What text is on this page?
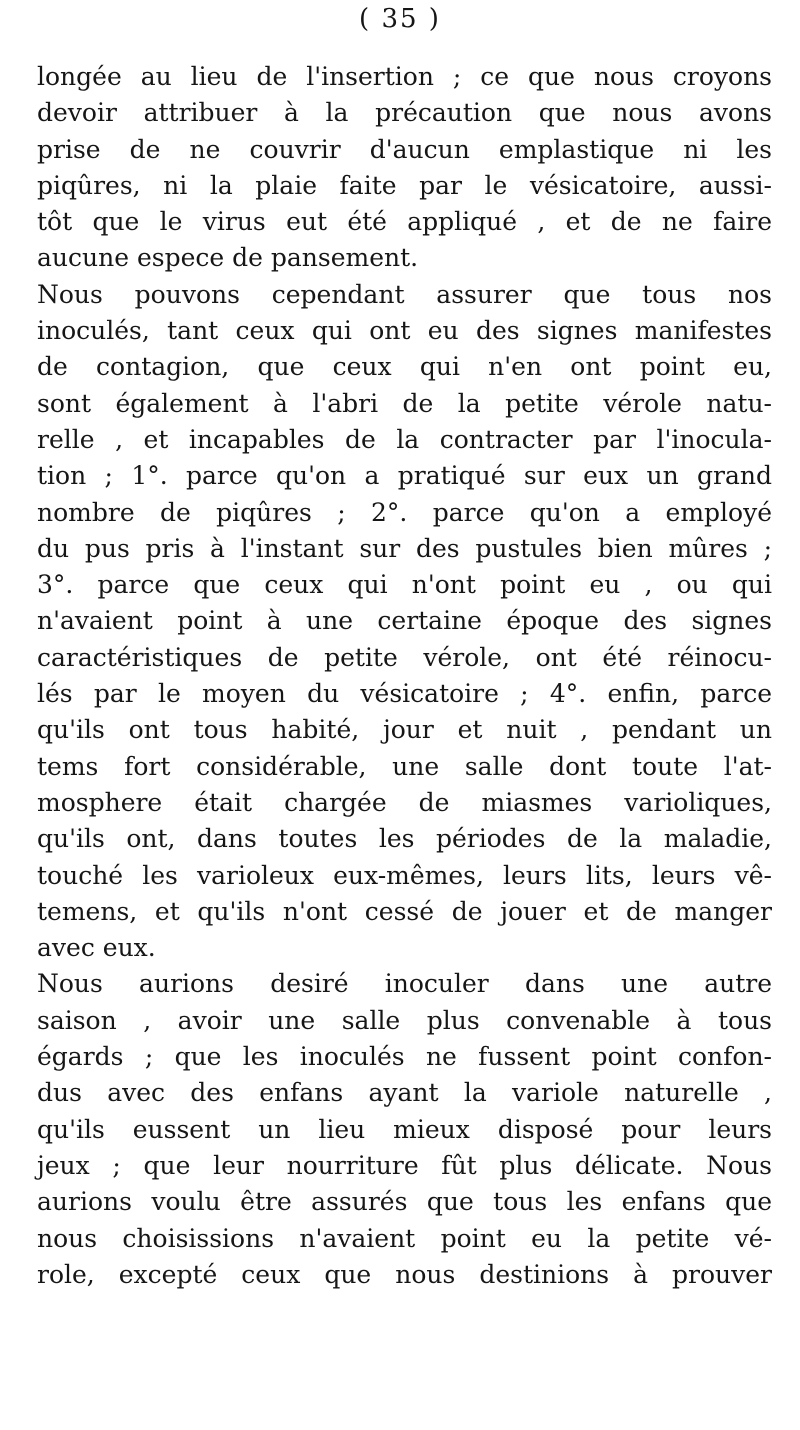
( 35 )
longée au lieu de l'insertion ; ce que nous croyons
devoir attribuer à la précaution que nous avons
prise de ne couvrir d'aucun emplastique ni les
piqûres, ni la plaie faite par le vésicatoire, aussi-
tôt que le virus eut été appliqué , et de ne faire
aucune espece de pansement.
Nous pouvons cependant assurer que tous nos
inoculés, tant ceux qui ont eu des signes manifestes
de contagion, que ceux qui n'en ont point eu,
sont également à l'abri de la petite vérole natu-
relle , et incapables de la contracter par l'inocula-
tion ; 1°. parce qu'on a pratiqué sur eux un grand
nombre de piqûres ; 2°. parce qu'on a employé
du pus pris à l'instant sur des pustules bien mûres ;
3°. parce que ceux qui n'ont point eu , ou qui
n'avaient point à une certaine époque des signes
caractéristiques de petite vérole, ont été réinocu-
lés par le moyen du vésicatoire ; 4°. enfin, parce
qu'ils ont tous habité, jour et nuit , pendant un
tems fort considérable, une salle dont toute l'at-
mosphere était chargée de miasmes varioliques,
qu'ils ont, dans toutes les périodes de la maladie,
touché les varioleux eux-mêmes, leurs lits, leurs vê-
temens, et qu'ils n'ont cessé de jouer et de manger
avec eux.
Nous aurions desiré inoculer dans une autre
saison , avoir une salle plus convenable à tous
égards ; que les inoculés ne fussent point confon-
dus avec des enfans ayant la variole naturelle ,
qu'ils eussent un lieu mieux disposé pour leurs
jeux ; que leur nourriture fût plus délicate. Nous
aurions voulu être assurés que tous les enfans que
nous choisissions n'avaient point eu la petite vé-
role, excepté ceux que nous destinions à prouver
